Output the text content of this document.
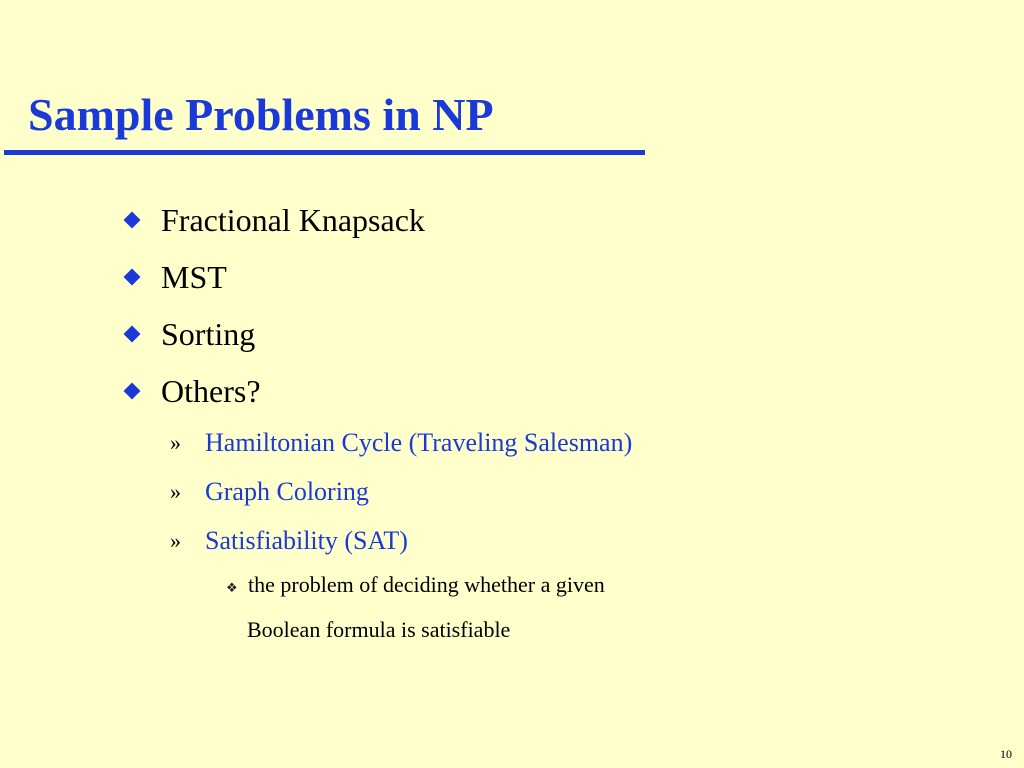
Sample Problems in NP
Fractional Knapsack
MST
Sorting
Others?
» Hamiltonian Cycle (Traveling Salesman)
» Graph Coloring
» Satisfiability (SAT)
❖ the problem of deciding whether a given
Boolean formula is satisfiable
10
